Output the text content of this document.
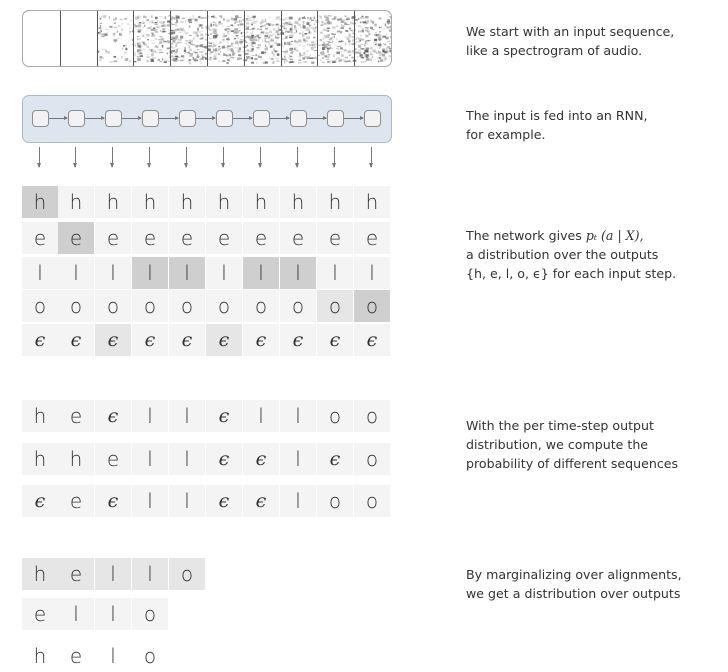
h	h	h	h	h	h	h	h	h	h
e	e	e	e	e	e	e	e	e	e
l	l	l	l	l	l	l	l	l	l
o	o	o	o	o	o	o	o	o	o
ϵ	ϵ	ϵ	ϵ	ϵ	ϵ	ϵ	ϵ	ϵ	ϵ
h	e	ϵ	l	l	ϵ	l	l	o	o
h	h	e	l	l	ϵ	ϵ	l	ϵ	o
ϵ	e	ϵ	l	l	ϵ	ϵ	l	o	o
h	e	l	l	o
e	l	l	o
h	e	l	o
We start with an input sequence,
like a spectrogram of audio.
The input is fed into an RNN,
for example.
The network gives pₜ (a | X),
a distribution over the outputs
{h, e, l, o, ϵ} for each input step.
With the per time-step output
distribution, we compute the
probability of different sequences
By marginalizing over alignments,
we get a distribution over outputs
